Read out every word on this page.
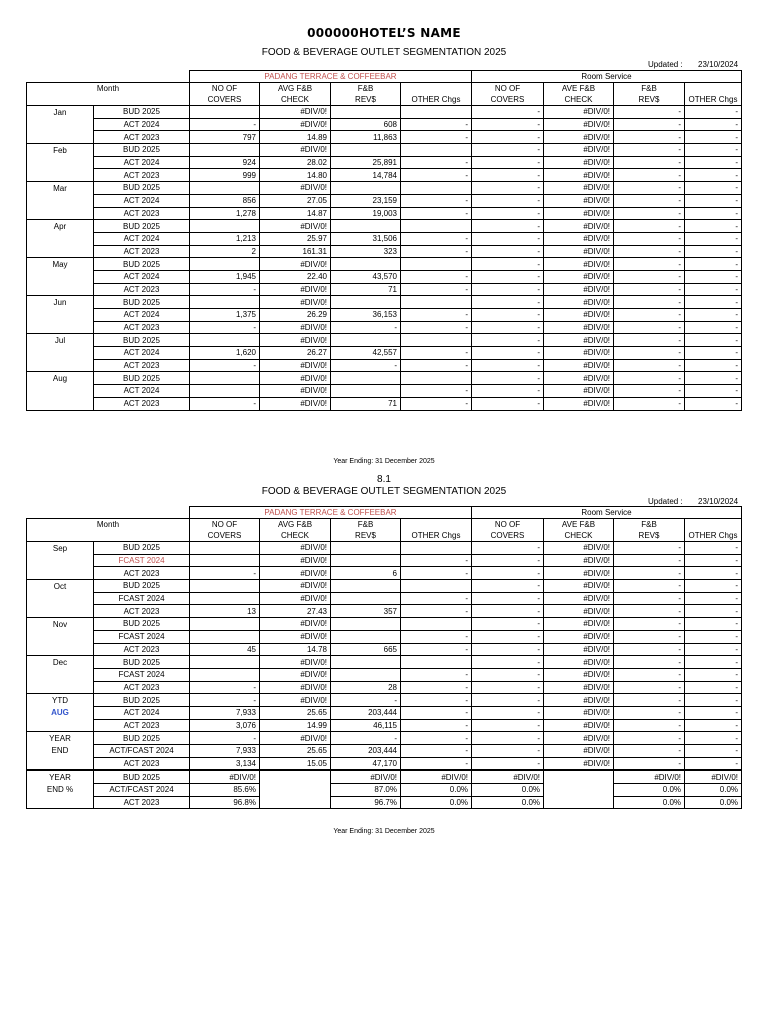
000000HOTEL’S NAME
FOOD & BEVERAGE OUTLET SEGMENTATION 2025
Updated : 23/10/2024
		PADANG TERRACE & COFFEEBAR				Room Service			
Month		NO OF	AVG F&B	F&B		NO OF	AVE F&B	F&B	
		COVERS	CHECK	REV$	OTHER Chgs	COVERS	CHECK	REV$	OTHER Chgs
Jan	BUD 2025		#DIV/0!			-	#DIV/0!	-	-
	ACT 2024	-	#DIV/0!	608	-	-	#DIV/0!	-	-
	ACT 2023	797	14.89	11,863	-	-	#DIV/0!	-	-
Feb	BUD 2025		#DIV/0!			-	#DIV/0!	-	-
	ACT 2024	924	28.02	25,891	-	-	#DIV/0!	-	-
	ACT 2023	999	14.80	14,784	-	-	#DIV/0!	-	-
Mar	BUD 2025		#DIV/0!			-	#DIV/0!	-	-
	ACT 2024	856	27.05	23,159	-	-	#DIV/0!	-	-
	ACT 2023	1,278	14.87	19,003	-	-	#DIV/0!	-	-
Apr	BUD 2025		#DIV/0!			-	#DIV/0!	-	-
	ACT 2024	1,213	25.97	31,506	-	-	#DIV/0!	-	-
	ACT 2023	2	161.31	323	-	-	#DIV/0!	-	-
May	BUD 2025		#DIV/0!			-	#DIV/0!	-	-
	ACT 2024	1,945	22.40	43,570	-	-	#DIV/0!	-	-
	ACT 2023	-	#DIV/0!	71	-	-	#DIV/0!	-	-
Jun	BUD 2025		#DIV/0!			-	#DIV/0!	-	-
	ACT 2024	1,375	26.29	36,153	-	-	#DIV/0!	-	-
	ACT 2023	-	#DIV/0!	-	-	-	#DIV/0!	-	-
Jul	BUD 2025		#DIV/0!			-	#DIV/0!	-	-
	ACT 2024	1,620	26.27	42,557	-	-	#DIV/0!	-	-
	ACT 2023	-	#DIV/0!	-	-	-	#DIV/0!	-	-
Aug	BUD 2025		#DIV/0!			-	#DIV/0!	-	-
	ACT 2024		#DIV/0!		-	-	#DIV/0!	-	-
	ACT 2023	-	#DIV/0!	71	-	-	#DIV/0!	-	-
Year Ending: 31 December 2025
8.1
FOOD & BEVERAGE OUTLET SEGMENTATION 2025
Updated : 23/10/2024
		PADANG TERRACE & COFFEEBAR				Room Service			
Month		NO OF	AVG F&B	F&B		NO OF	AVE F&B	F&B	
		COVERS	CHECK	REV$	OTHER Chgs	COVERS	CHECK	REV$	OTHER Chgs
Sep	BUD 2025		#DIV/0!			-	#DIV/0!	-	-
	FCAST 2024		#DIV/0!		-	-	#DIV/0!	-	-
	ACT 2023	-	#DIV/0!	6	-	-	#DIV/0!	-	-
Oct	BUD 2025		#DIV/0!			-	#DIV/0!	-	-
	FCAST 2024		#DIV/0!		-	-	#DIV/0!	-	-
	ACT 2023	13	27.43	357	-	-	#DIV/0!	-	-
Nov	BUD 2025		#DIV/0!			-	#DIV/0!	-	-
	FCAST 2024		#DIV/0!		-	-	#DIV/0!	-	-
	ACT 2023	45	14.78	665	-	-	#DIV/0!	-	-
Dec	BUD 2025		#DIV/0!			-	#DIV/0!	-	-
	FCAST 2024		#DIV/0!		-	-	#DIV/0!	-	-
	ACT 2023	-	#DIV/0!	28	-	-	#DIV/0!	-	-
YTD	BUD 2025	-	#DIV/0!	-	-	-	#DIV/0!	-	-
AUG	ACT 2024	7,933	25.65	203,444	-	-	#DIV/0!	-	-
	ACT 2023	3,076	14.99	46,115	-	-	#DIV/0!	-	-
YEAR	BUD 2025	-	#DIV/0!	-	-	-	#DIV/0!	-	-
END	ACT/FCAST 2024	7,933	25.65	203,444	-	-	#DIV/0!	-	-
	ACT 2023	3,134	15.05	47,170	-	-	#DIV/0!	-	-
YEAR	BUD 2025	#DIV/0!		#DIV/0!	#DIV/0!	#DIV/0!		#DIV/0!	#DIV/0!
END %	ACT/FCAST 2024	85.6%		87.0%	0.0%	0.0%		0.0%	0.0%
	ACT 2023	96.8%		96.7%	0.0%	0.0%		0.0%	0.0%
Year Ending: 31 December 2025
